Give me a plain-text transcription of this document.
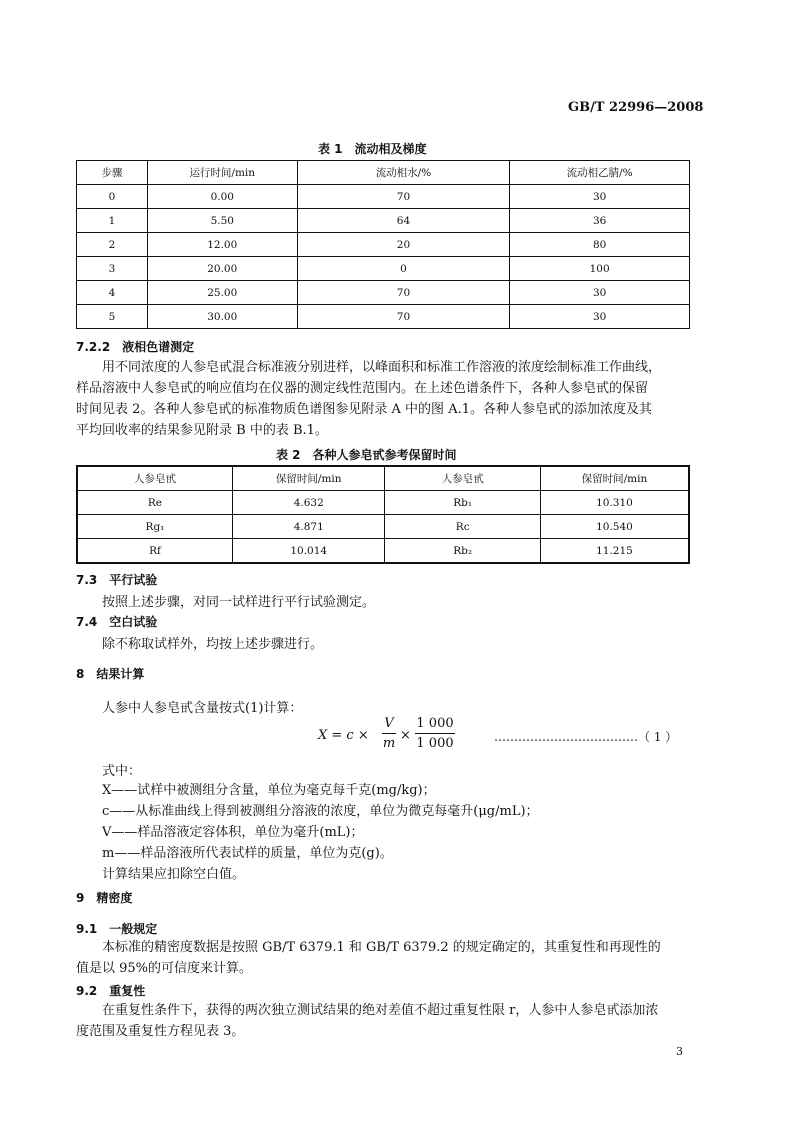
GB/T 22996—2008
表 1　流动相及梯度
步骤	运行时间/min	流动相水/%	流动相乙腈/%
0	0.00	70	30
1	5.50	64	36
2	12.00	20	80
3	20.00	0	100
4	25.00	70	30
5	30.00	70	30
7.2.2　液相色谱测定
用不同浓度的人参皂甙混合标准液分别进样，以峰面积和标准工作溶液的浓度绘制标准工作曲线，
样品溶液中人参皂甙的响应值均在仪器的测定线性范围内。在上述色谱条件下，各种人参皂甙的保留
时间见表 2。各种人参皂甙的标准物质色谱图参见附录 A 中的图 A.1。各种人参皂甙的添加浓度及其
平均回收率的结果参见附录 B 中的表 B.1。
表 2　各种人参皂甙参考保留时间
人参皂甙	保留时间/min	人参皂甙	保留时间/min
Re	4.632	Rb₁	10.310
Rg₁	4.871	Rc	10.540
Rf	10.014	Rb₂	11.215
7.3　平行试验
按照上述步骤，对同一试样进行平行试验测定。
7.4　空白试验
除不称取试样外，均按上述步骤进行。
8　结果计算
人参中人参皂甙含量按式(1)计算：
X = c ×
V
m
×
1 000
1 000	………………………………（ 1 ）
式中：
X——试样中被测组分含量，单位为毫克每千克(mg/kg)；
c——从标准曲线上得到被测组分溶液的浓度，单位为微克每毫升(μg/mL)；
V——样品溶液定容体积，单位为毫升(mL)；
m——样品溶液所代表试样的质量，单位为克(g)。
计算结果应扣除空白值。
9　精密度
9.1　一般规定
本标准的精密度数据是按照 GB/T 6379.1 和 GB/T 6379.2 的规定确定的，其重复性和再现性的
值是以 95%的可信度来计算。
9.2　重复性
在重复性条件下，获得的两次独立测试结果的绝对差值不超过重复性限 r，人参中人参皂甙添加浓
度范围及重复性方程见表 3。
3
